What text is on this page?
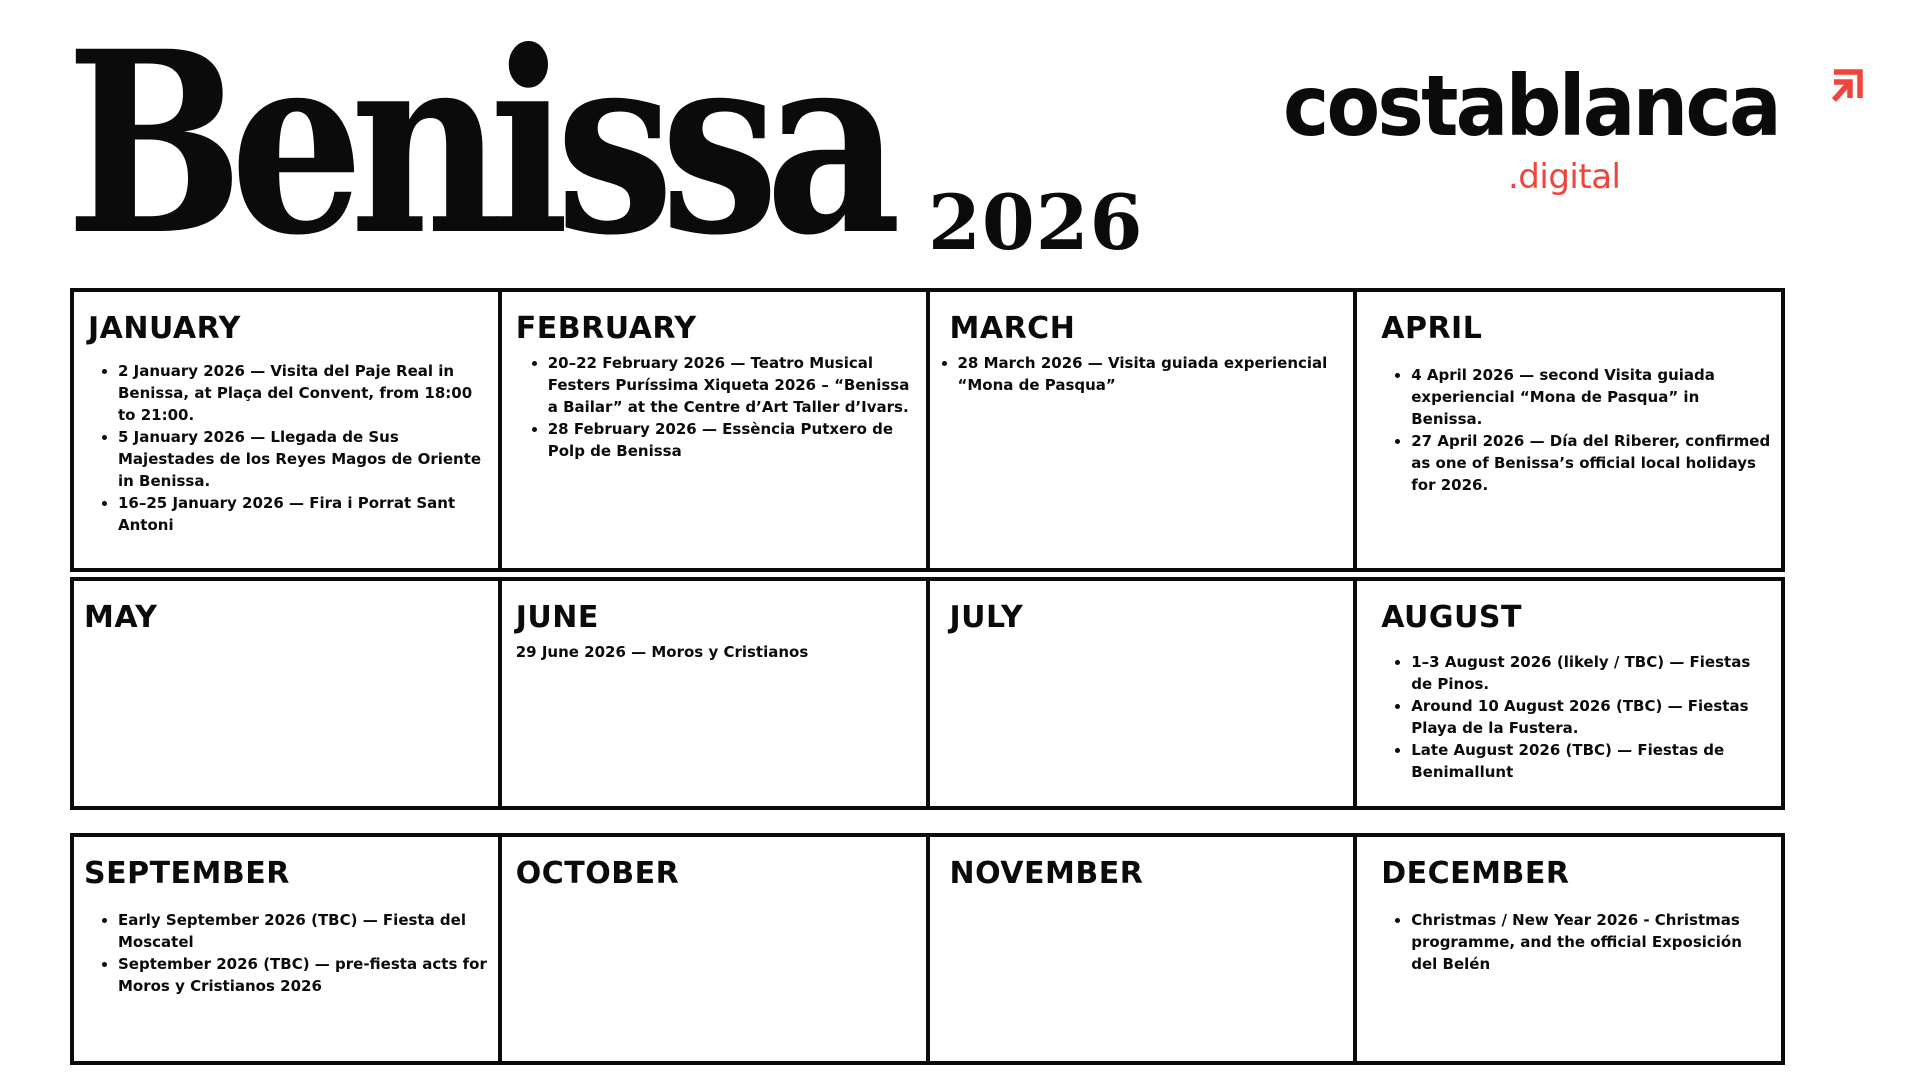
Benissa 2026
costablanca
.digital
JANUARY
• 2 January 2026 — Visita del Paje Real in Benissa, at Plaça del Convent, from 18:00 to 21:00.
• 5 January 2026 — Llegada de Sus Majestades de los Reyes Magos de Oriente in Benissa.
• 16–25 January 2026 — Fira i Porrat Sant Antoni
FEBRUARY
• 20–22 February 2026 — Teatro Musical Festers Puríssima Xiqueta 2026 – “Benissa a Bailar” at the Centre d’Art Taller d’Ivars.
• 28 February 2026 — Essència Putxero de Polp de Benissa
MARCH
• 28 March 2026 — Visita guiada experiencial “Mona de Pasqua”
APRIL
• 4 April 2026 — second Visita guiada experiencial “Mona de Pasqua” in Benissa.
• 27 April 2026 — Día del Riberer, confirmed as one of Benissa’s official local holidays for 2026.
MAY	JUNE
29 June 2026 — Moros y Cristianos
JULY	AUGUST
• 1–3 August 2026 (likely / TBC) — Fiestas de Pinos.
• Around 10 August 2026 (TBC) — Fiestas Playa de la Fustera.
• Late August 2026 (TBC) — Fiestas de Benimallunt
SEPTEMBER
• Early September 2026 (TBC) — Fiesta del Moscatel
• September 2026 (TBC) — pre-fiesta acts for Moros y Cristianos 2026
OCTOBER	NOVEMBER	DECEMBER
• Christmas / New Year 2026 - Christmas programme, and the official Exposición del Belén
